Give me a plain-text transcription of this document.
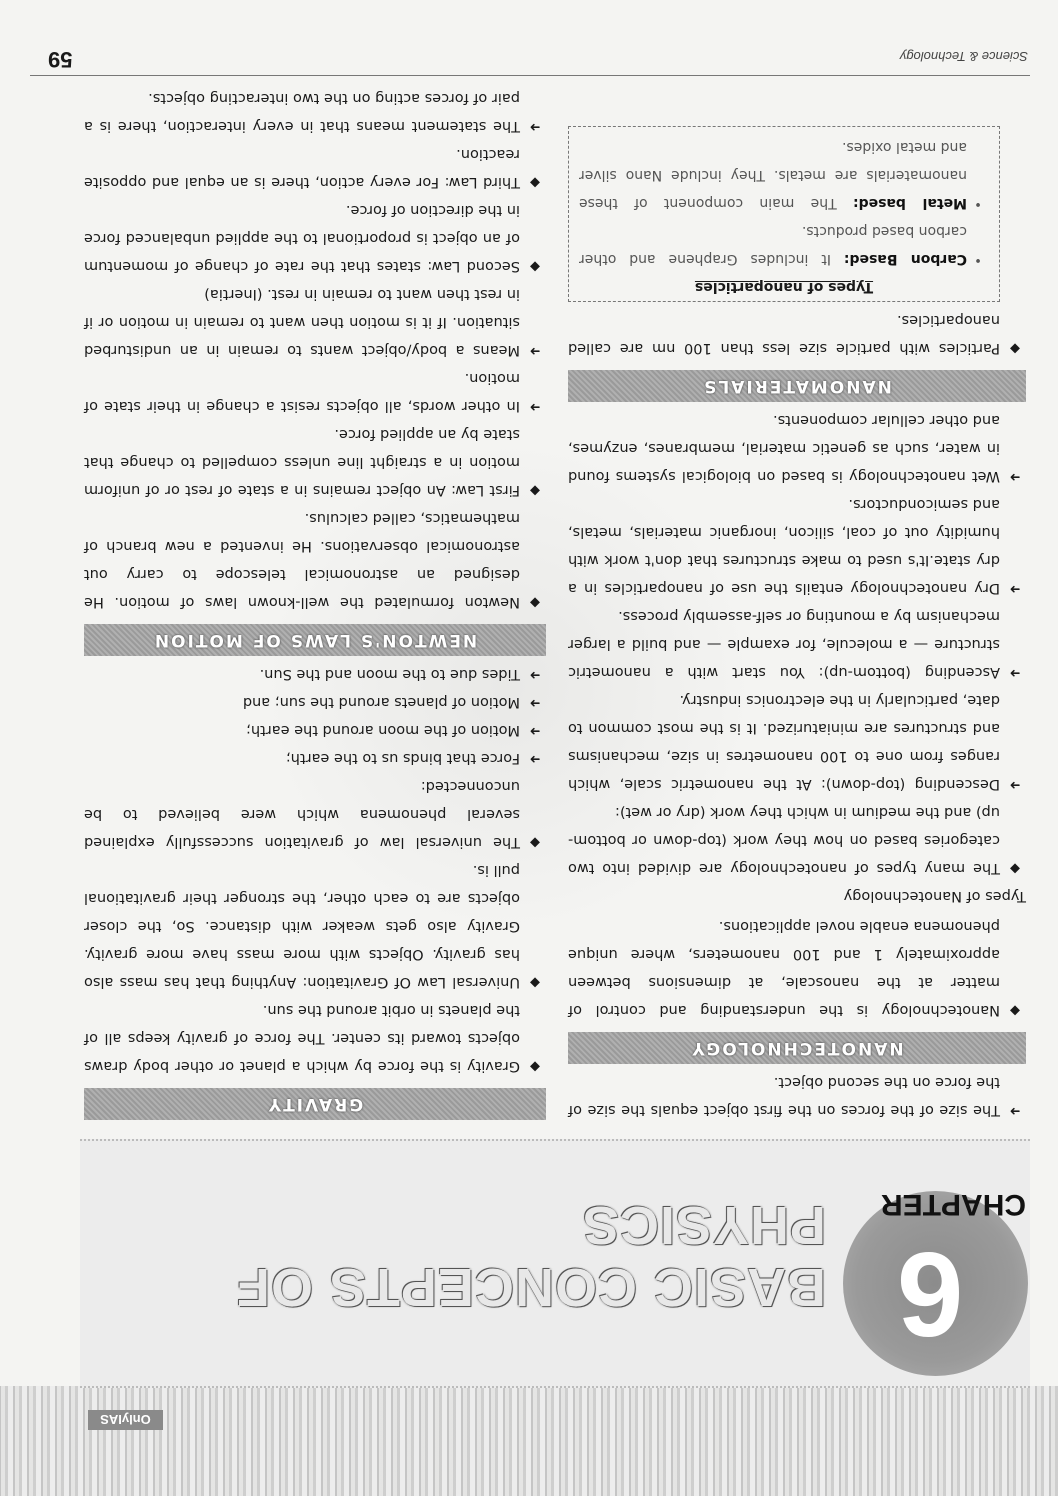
OnlyIAS
6
CHAPTER
BASIC CONCEPTS OF PHYSICS

➜
The size of the forces on the first object equals the size of the force on the second object.

NANOTECHNOLOGY

◆
Nanotechnology is the understanding and control of matter at the nanoscale, at dimensions between approximately 1 and 100 nanometers, where unique phenomena enable novel applications.

Types of Nanotechnology

◆
The many types of nanotechnology are divided into two categories based on how they work (top-down or bottom-up) and the medium in which they work (dry or wet):

➜
Descending (top-down): At the nanometric scale, which ranges from one to 100 nanometres in size, mechanisms and structures are miniaturized. It is the most common to date, particularly in the electronics industry.

➜
Ascending (bottom-up): You start with a nanometric structure — a molecule, for example — and build a larger mechanism by a mounting or self-assembly process.

➜
Dry nanotechnology entails the use of nanoparticles in a dry state.It's used to make structures that don't work with humidity out of coal, silicon, inorganic materials, metals, and semiconductors.

➜
Wet nanotechnology is based on biological systems found in water, such as genetic material, membranes, enzymes, and other cellular components.

NANOMATERIALS

◆
Particles with particle size less than 100 nm are called nanoparticles.

Types of nanoparticles
•
Carbon Based: It includes Graphene and other carbon based products.
•
Metal based: The main component of these nanomaterials are metals. They include Nano silver and metal oxides.
GRAVITY

◆
Gravity is the force by which a planet or other body draws objects toward its center. The force of gravity keeps all of the planets in orbit around the sun.

◆
Universal Law Of Gravitation: Anything that has mass also has gravity. Objects with more mass have more gravity. Gravity also gets weaker with distance. So, the closer objects are to each other, the stronger their gravitational pull is.

◆
The universal law of gravitation successfully explained several phenomena which were believed to be unconnected:

➜
Force that binds us to the earth;

➜
Motion of the moon around the earth;

➜
Motion of planets around the sun; and

➜
Tides due to the moon and the Sun.

NEWTON'S LAWS OF MOTION

◆
Newton formulated the well-known laws of motion. He designed an astronomical telescope to carry out astronomical observations. He invented a new branch of mathematics, called calculus.

◆
First Law: An object remains in a state of rest or of uniform motion in a straight line unless compelled to change that state by an applied force.

➜
In other words, all objects resist a change in their state of motion.

➜
Means a body/object wants to remain in an undisturbed situation. If it is motion then want to remain in motion or if in rest then want to remain in rest. (Inertia)

◆
Second Law: states that the rate of change of momentum of an object is proportional to the applied unbalanced force in the direction of force.

◆
Third Law: For every action, there is an equal and opposite reaction.

➜
The statement means that in every interaction, there is a pair of forces acting on the two interacting objects.

Science & Technology
59
